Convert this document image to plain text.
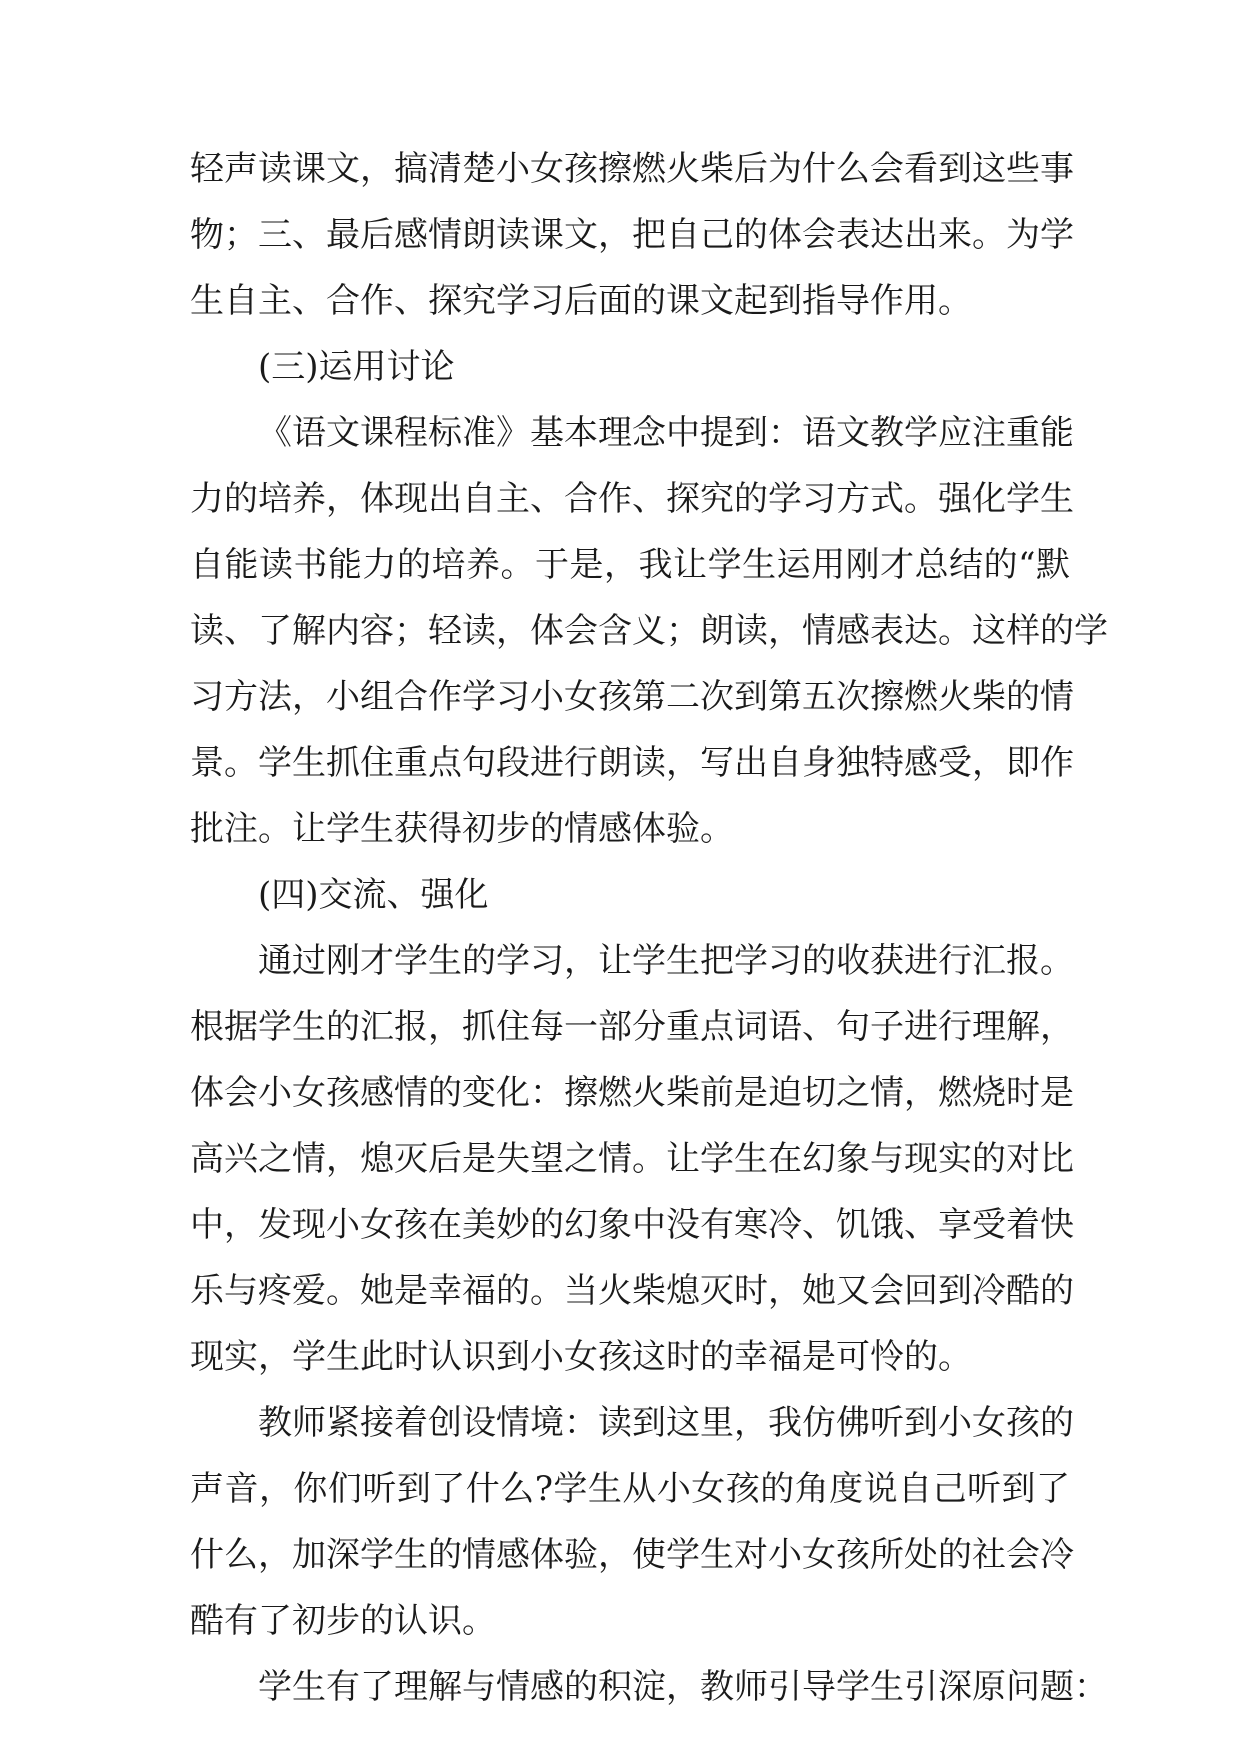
轻声读课文，搞清楚小女孩擦燃火柴后为什么会看到这些事
物；三、最后感情朗读课文，把自己的体会表达出来。为学
生自主、合作、探究学习后面的课文起到指导作用。
(三)运用讨论
《语文课程标准》基本理念中提到：语文教学应注重能
力的培养，体现出自主、合作、探究的学习方式。强化学生
自能读书能力的培养。于是，我让学生运用刚才总结的“默
读、了解内容；轻读，体会含义；朗读，情感表达。这样的学
习方法，小组合作学习小女孩第二次到第五次擦燃火柴的情
景。学生抓住重点句段进行朗读，写出自身独特感受，即作
批注。让学生获得初步的情感体验。
(四)交流、强化
通过刚才学生的学习，让学生把学习的收获进行汇报。
根据学生的汇报，抓住每一部分重点词语、句子进行理解，
体会小女孩感情的变化：擦燃火柴前是迫切之情，燃烧时是
高兴之情，熄灭后是失望之情。让学生在幻象与现实的对比
中，发现小女孩在美妙的幻象中没有寒冷、饥饿、享受着快
乐与疼爱。她是幸福的。当火柴熄灭时，她又会回到冷酷的
现实，学生此时认识到小女孩这时的幸福是可怜的。
教师紧接着创设情境：读到这里，我仿佛听到小女孩的
声音，你们听到了什么?学生从小女孩的角度说自己听到了
什么，加深学生的情感体验，使学生对小女孩所处的社会冷
酷有了初步的认识。
学生有了理解与情感的积淀，教师引导学生引深原问题：
